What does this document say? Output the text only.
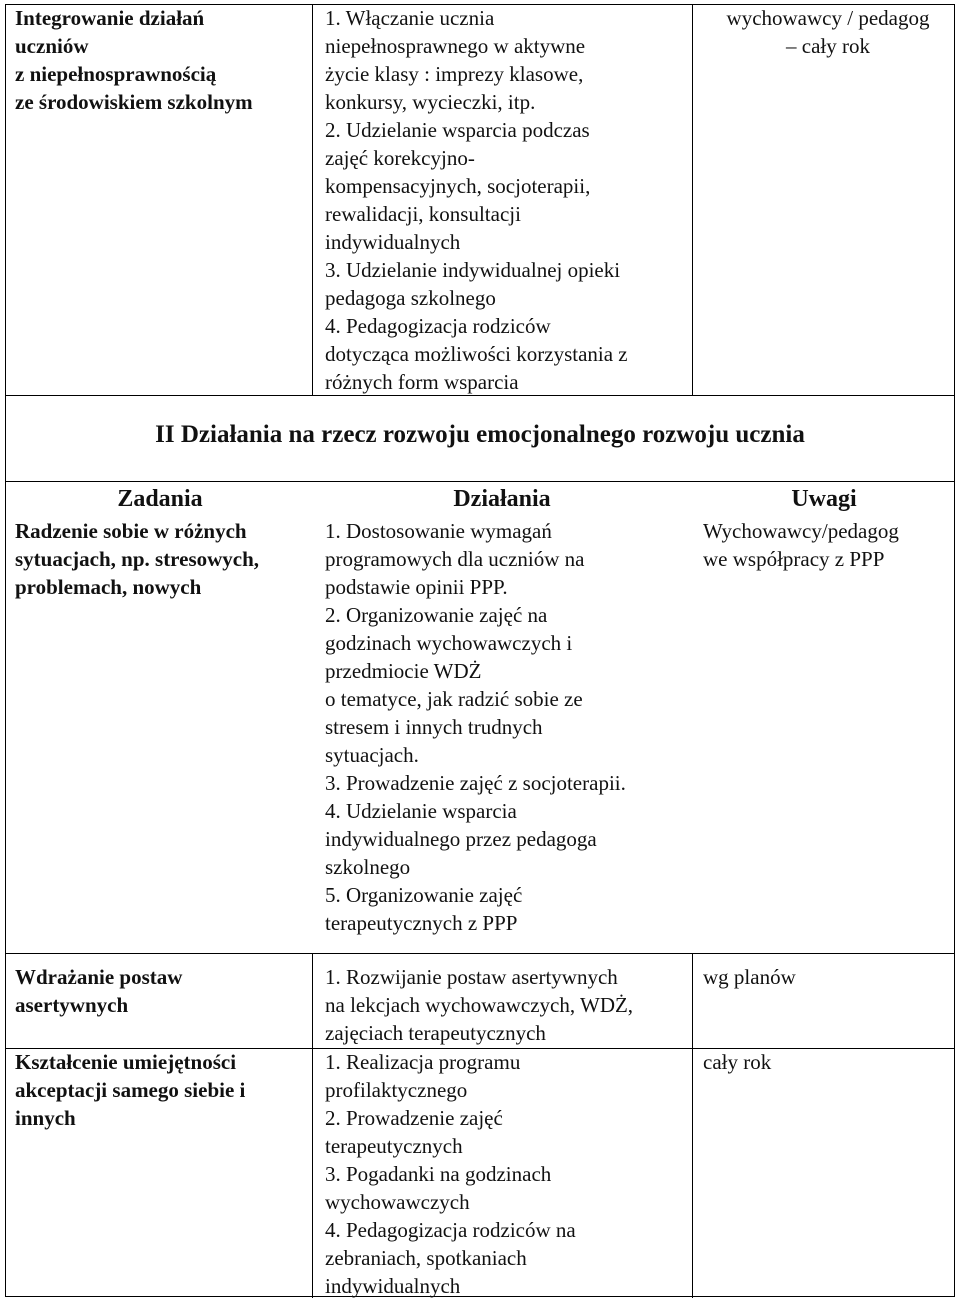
Integrowanie działań
uczniów
z niepełnosprawnością
ze środowiskiem szkolnym
1. Włączanie ucznia
niepełnosprawnego w aktywne
życie klasy : imprezy klasowe,
konkursy, wycieczki, itp.
2. Udzielanie wsparcia podczas
zajęć korekcyjno-
kompensacyjnych, socjoterapii,
rewalidacji, konsultacji
indywidualnych
3. Udzielanie indywidualnej opieki
pedagoga szkolnego
4. Pedagogizacja rodziców
dotycząca możliwości korzystania z
różnych form wsparcia
wychowawcy / pedagog
– cały rok
II Działania na rzecz rozwoju emocjonalnego rozwoju ucznia
Zadania	Działania	Uwagi
Radzenie sobie w różnych
sytuacjach, np. stresowych,
problemach, nowych
1. Dostosowanie wymagań
programowych dla uczniów na
podstawie opinii PPP.
2. Organizowanie zajęć na
godzinach wychowawczych i
przedmiocie WDŻ
o tematyce, jak radzić sobie ze
stresem i innych trudnych
sytuacjach.
3. Prowadzenie zajęć z socjoterapii.
4. Udzielanie wsparcia
indywidualnego przez pedagoga
szkolnego
5. Organizowanie zajęć
terapeutycznych z PPP
Wychowawcy/pedagog
we współpracy z PPP
Wdrażanie postaw
asertywnych
1. Rozwijanie postaw asertywnych
na lekcjach wychowawczych, WDŻ,
zajęciach terapeutycznych
wg planów
Kształcenie umiejętności
akceptacji samego siebie i
innych
1. Realizacja programu
profilaktycznego
2. Prowadzenie zajęć
terapeutycznych
3. Pogadanki na godzinach
wychowawczych
4. Pedagogizacja rodziców na
zebraniach, spotkaniach
indywidualnych
cały rok
